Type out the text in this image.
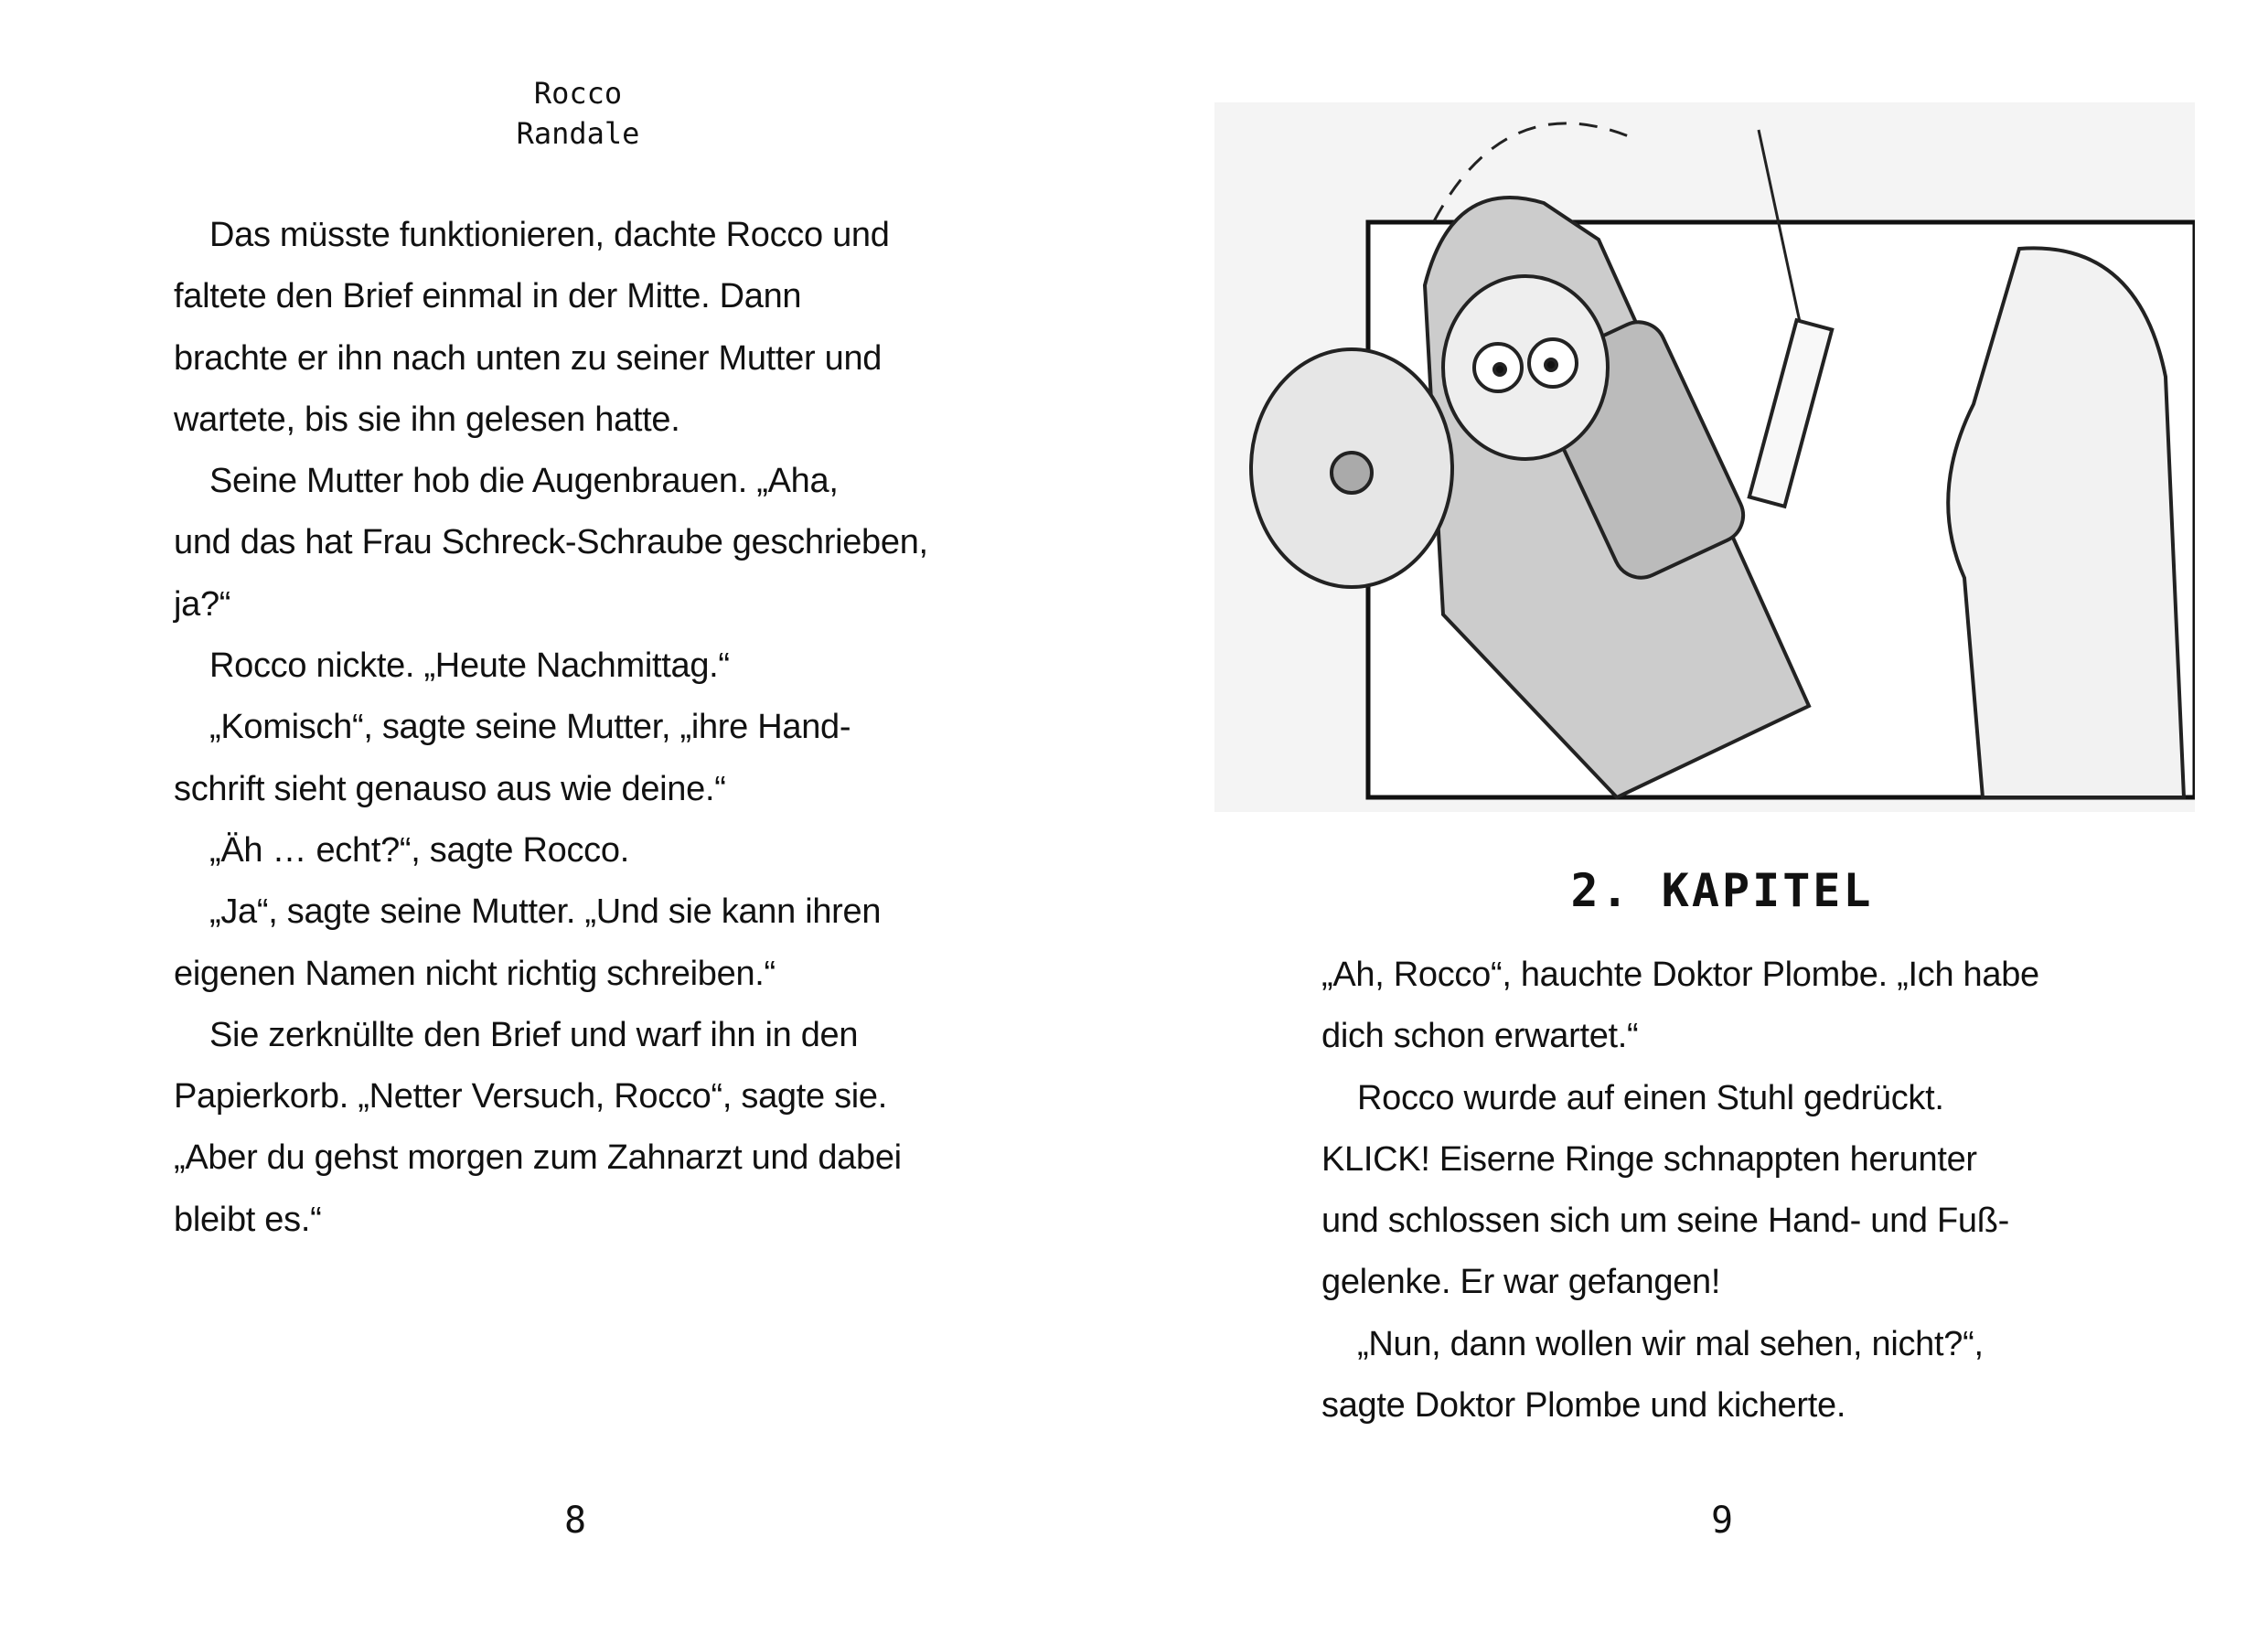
Rocco
Randale
Das müsste funktionieren, dachte Rocco und
faltete den Brief einmal in der Mitte. Dann
brachte er ihn nach unten zu seiner Mutter und
wartete, bis sie ihn gelesen hatte.
Seine Mutter hob die Augenbrauen. „Aha,
und das hat Frau Schreck-Schraube geschrieben,
ja?“
Rocco nickte. „Heute Nachmittag.“
„Komisch“, sagte seine Mutter, „ihre Hand-
schrift sieht genauso aus wie deine.“
„Äh … echt?“, sagte Rocco.
„Ja“, sagte seine Mutter. „Und sie kann ihren
eigenen Namen nicht richtig schreiben.“
Sie zerknüllte den Brief und warf ihn in den
Papierkorb. „Netter Versuch, Rocco“, sagte sie.
„Aber du gehst morgen zum Zahnarzt und dabei
bleibt es.“
8
2. KAPITEL
„Ah, Rocco“, hauchte Doktor Plombe. „Ich habe
dich schon erwartet.“
Rocco wurde auf einen Stuhl gedrückt.
KLICK! Eiserne Ringe schnappten herunter
und schlossen sich um seine Hand- und Fuß-
gelenke. Er war gefangen!
„Nun, dann wollen wir mal sehen, nicht?“,
sagte Doktor Plombe und kicherte.
9
